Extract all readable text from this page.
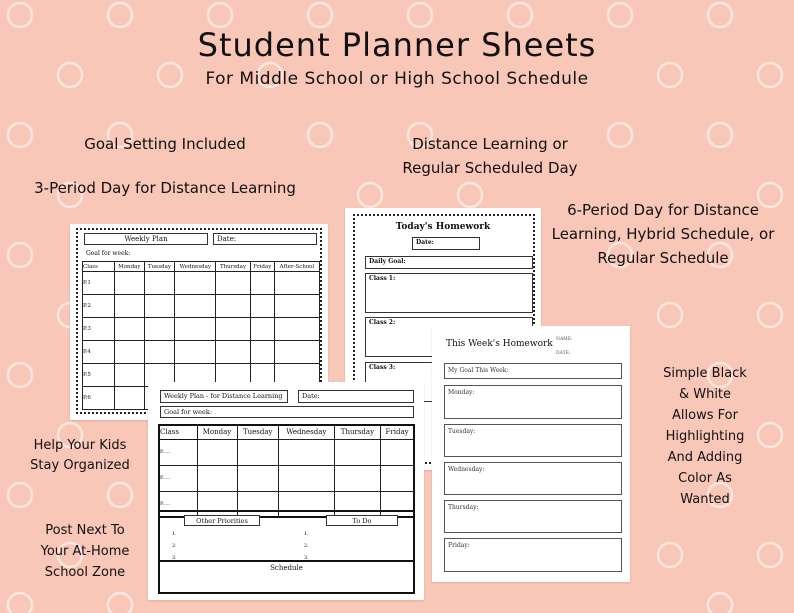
Student Planner Sheets
For Middle School or High School Schedule
Goal Setting Included
3-Period Day for Distance Learning
Distance Learning or
Regular Scheduled Day
6-Period Day for Distance
Learning, Hybrid Schedule, or
Regular Schedule
Help Your Kids
Stay Organized
Post Next To
Your At-Home
School Zone
Simple Black
& White
Allows For
Highlighting
And Adding
Color As
Wanted
Weekly Plan	Date:
Goal for week:
Class	Monday	Tuesday	Wednesday	Thursday	Friday	After-School
P.1						
P.2						
P.3						
P.4						
P.5						
P.6						
Today's Homework
Date:
Daily Goal:
Class 1:
Class 2:
Class 3:
This Week's Homework NAME:
DATE:
My Goal This Week:
Monday:
Tuesday:
Wednesday:
Thursday:
Friday:
Weekly Plan - for Distance Learning	Date:
Goal for week:
Class	Monday	Tuesday	Wednesday	Thursday	Friday
P.....					
P.....					
P.....					
Other Priorities	To Do
1.
2.
3.
1.
2.
3.
Schedule
